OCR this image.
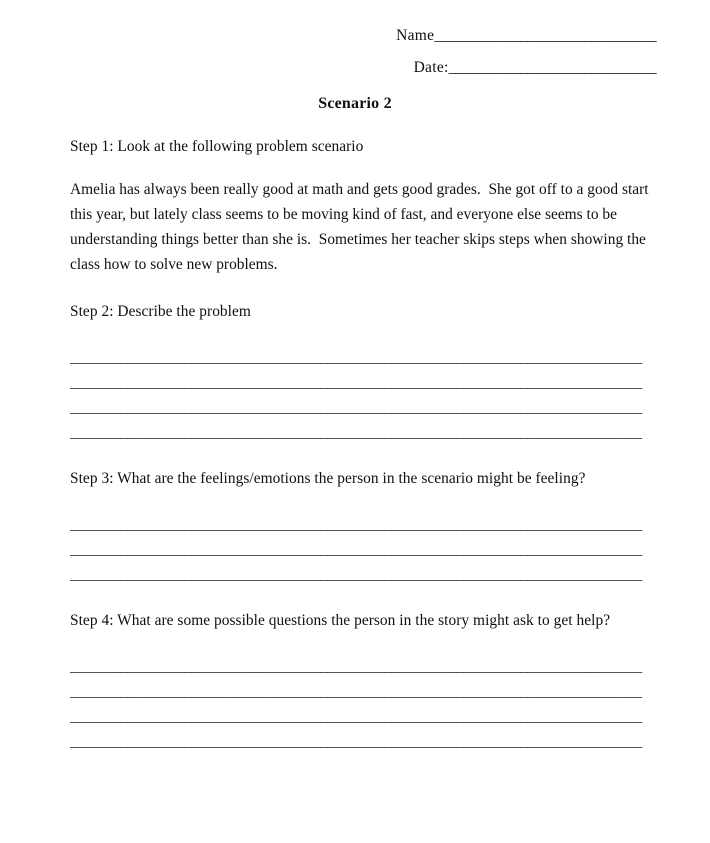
Name_______________________________
Date:_____________________________
Scenario 2
Step 1: Look at the following problem scenario
Amelia has always been really good at math and gets good grades.  She got off to a good start this year, but lately class seems to be moving kind of fast, and everyone else seems to be understanding things better than she is.  Sometimes her teacher skips steps when showing the class how to solve new problems.
Step 2: Describe the problem
________________________________________________________________________________
________________________________________________________________________________
________________________________________________________________________________
________________________________________________________________________________
Step 3: What are the feelings/emotions the person in the scenario might be feeling?
________________________________________________________________________________
________________________________________________________________________________
________________________________________________________________________________
Step 4: What are some possible questions the person in the story might ask to get help?
________________________________________________________________________________
________________________________________________________________________________
________________________________________________________________________________
________________________________________________________________________________
